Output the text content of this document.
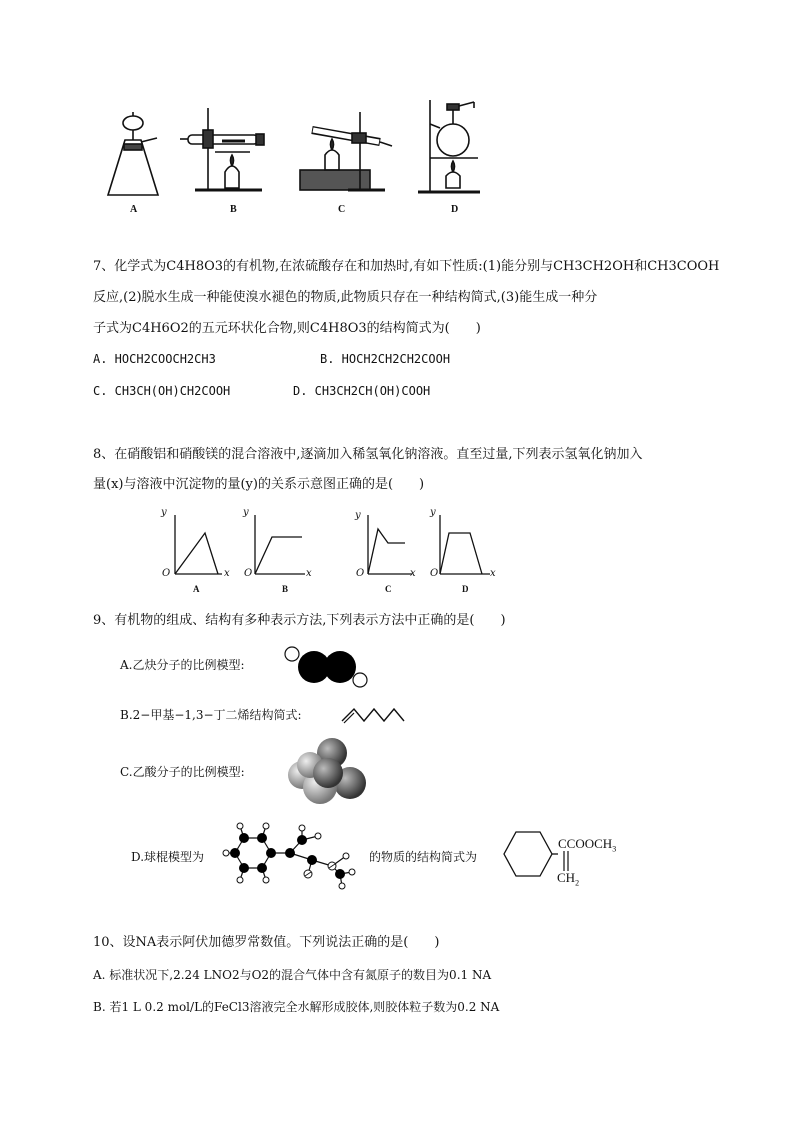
A	B	C	D
7、化学式为C4H8O3的有机物,在浓硫酸存在和加热时,有如下性质:(1)能分别与CH3CH2OH和CH3COOH
反应,(2)脱水生成一种能使溴水褪色的物质,此物质只存在一种结构简式,(3)能生成一种分
子式为C4H6O2的五元环状化合物,则C4H8O3的结构简式为(　　)
A. HOCH2COOCH2CH3	B. HOCH2CH2CH2COOH
C. CH3CH(OH)CH2COOH	D. CH3CH2CH(OH)COOH
8、在硝酸铝和硝酸镁的混合溶液中,逐滴加入稀氢氧化钠溶液。直至过量,下列表示氢氧化钠加入
量(x)与溶液中沉淀物的量(y)的关系示意图正确的是(　　)
y
O	x
A
y
O	x
B
y
O	x
C
y
O	x
D
9、有机物的组成、结构有多种表示方法,下列表示方法中正确的是(　　)
A.乙炔分子的比例模型:
B.2−甲基−1,3−丁二烯结构简式:
C.乙酸分子的比例模型:
D.球棍模型为	的物质的结构简式为
$CCOOCH_3$
$CH_2$
10、设NA表示阿伏加德罗常数值。下列说法正确的是(　　)
A. 标准状况下,2.24 LNO2与O2的混合气体中含有氮原子的数目为0.1 NA
B. 若1 L 0.2 mol/L的FeCl3溶液完全水解形成胶体,则胶体粒子数为0.2 NA
